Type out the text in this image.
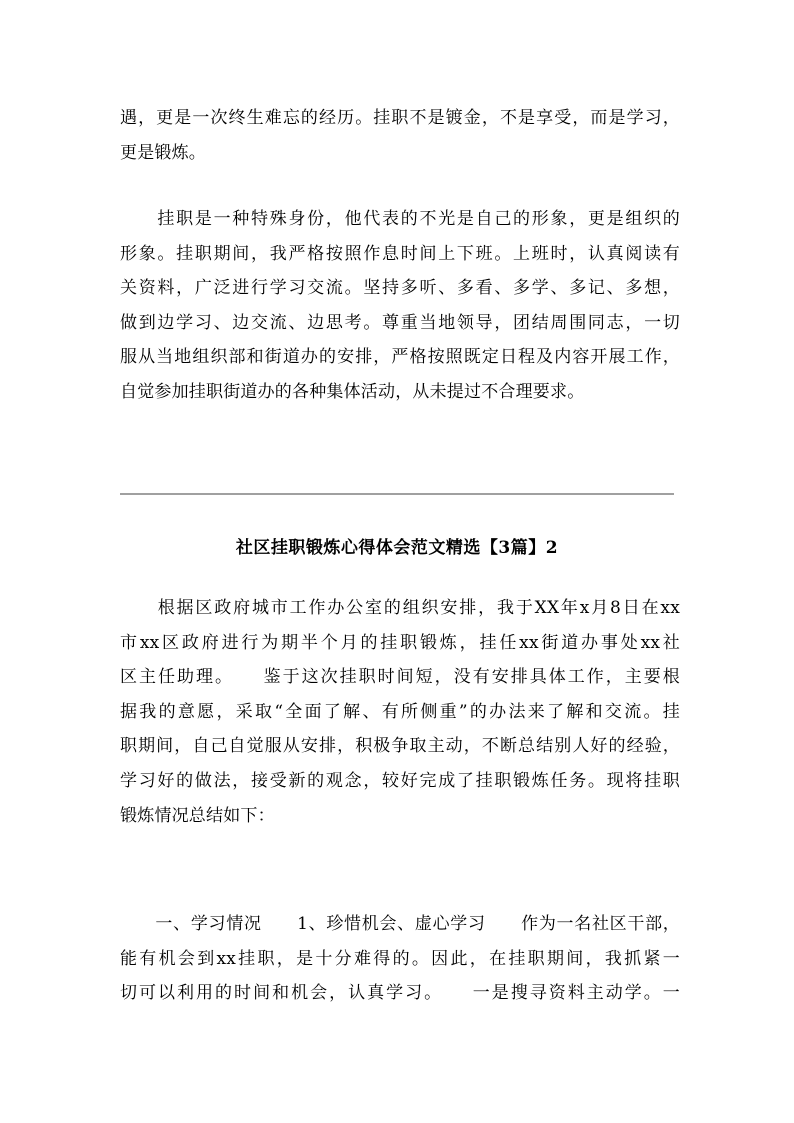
遇，更是一次终生难忘的经历。挂职不是镀金，不是享受，而是学习，
更是锻炼。
　　挂职是一种特殊身份，他代表的不光是自己的形象，更是组织的
形象。挂职期间，我严格按照作息时间上下班。上班时，认真阅读有
关资料，广泛进行学习交流。坚持多听、多看、多学、多记、多想，
做到边学习、边交流、边思考。尊重当地领导，团结周围同志，一切
服从当地组织部和街道办的安排，严格按照既定日程及内容开展工作，
自觉参加挂职街道办的各种集体活动，从未提过不合理要求。
社区挂职锻炼心得体会范文精选【3篇】2
　　根据区政府城市工作办公室的组织安排，我于XX年x月8日在xx
市xx区政府进行为期半个月的挂职锻炼，挂任xx街道办事处xx社
区主任助理。　　鉴于这次挂职时间短，没有安排具体工作，主要根
据我的意愿，采取“全面了解、有所侧重”的办法来了解和交流。挂
职期间，自己自觉服从安排，积极争取主动，不断总结别人好的经验，
学习好的做法，接受新的观念，较好完成了挂职锻炼任务。现将挂职
锻炼情况总结如下：
　　一、学习情况　　1、珍惜机会、虚心学习　　作为一名社区干部，
能有机会到xx挂职，是十分难得的。因此，在挂职期间，我抓紧一
切可以利用的时间和机会，认真学习。　　一是搜寻资料主动学。一
